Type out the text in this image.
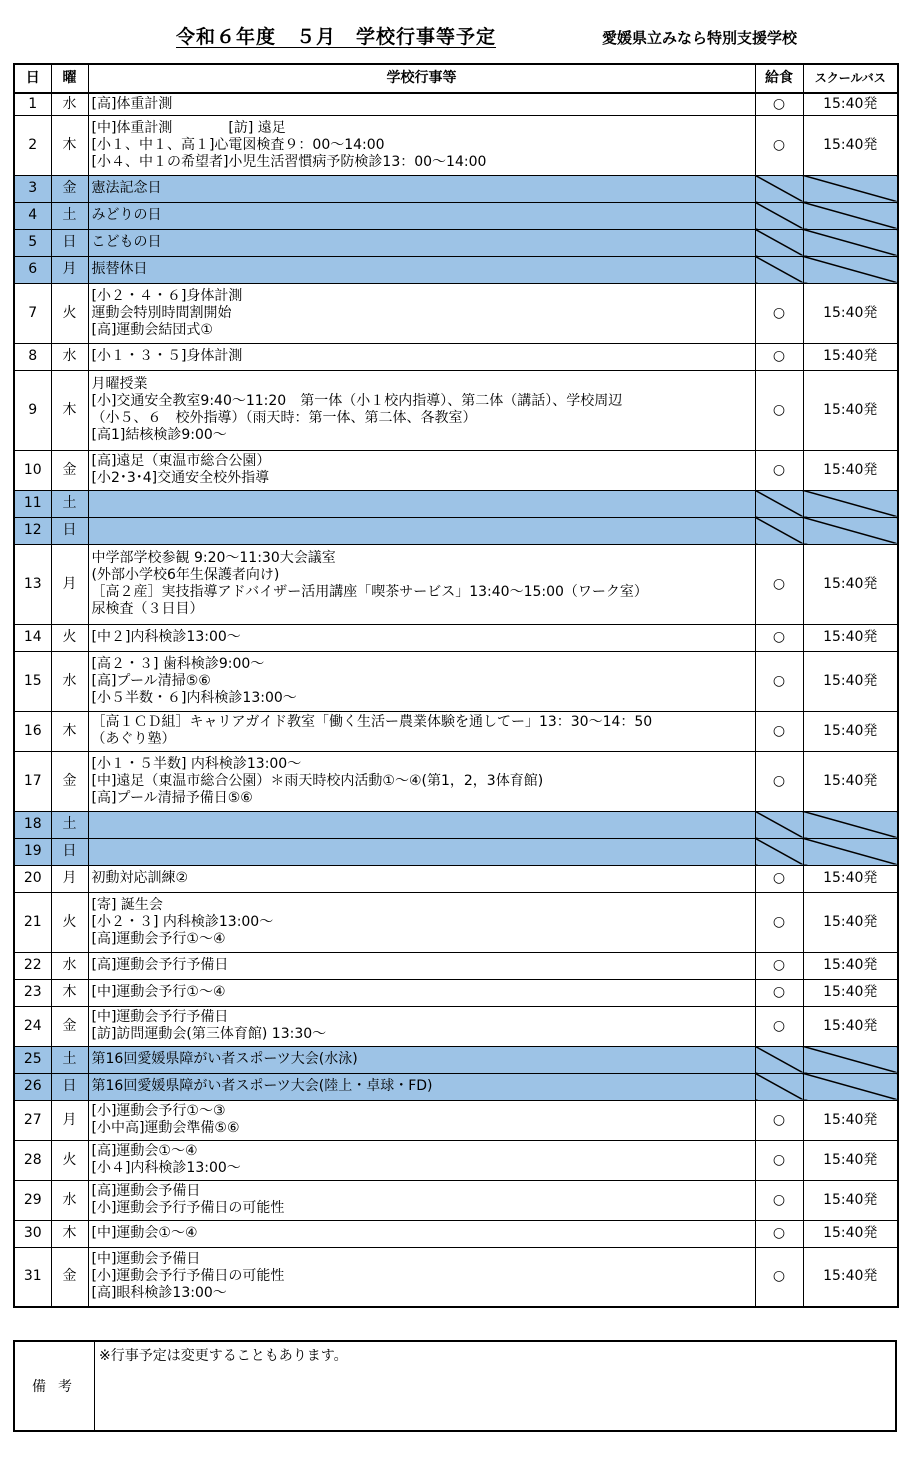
令和６年度　５月　学校行事等予定	愛媛県立みなら特別支援学校
日	曜	学校行事等	給食	スクールバス
1	水	[高]体重計測	○	15:40発
2	木	[中]体重計測　　　　[訪] 遠足
[小１、中１、高１]心電図検査９：00～14:00
[小４、中１の希望者]小児生活習慣病予防検診13：00～14:00	○	15:40発
3	金	憲法記念日		

4	土	みどりの日		

5	日	こどもの日		

6	月	振替休日		

7	火	[小２・４・６]身体計測
運動会特別時間割開始
[高]運動会結団式①	○	15:40発
8	水	[小１・３・５]身体計測	○	15:40発
9	木	月曜授業
[小]交通安全教室9:40～11:20　第一体（小１校内指導）、第二体（講話）、学校周辺
（小５、６　校外指導）（雨天時：第一体、第二体、各教室）
[高1]結核検診9:00～	○	15:40発
10	金	[高]遠足（東温市総合公園）
[小2･3･4]交通安全校外指導	○	15:40発
11	土	

12	日	

13	月	中学部学校参観 9:20～11:30大会議室
(外部小学校6年生保護者向け)
［高２産］実技指導アドバイザー活用講座「喫茶サービス」13:40～15:00（ワーク室）
尿検査（３日目）	○	15:40発
14	火	[中２]内科検診13:00～	○	15:40発
15	水	[高２・３] 歯科検診9:00～
[高]プール清掃⑤⑥
[小５半数・６]内科検診13:00～	○	15:40発
16	木	［高１ＣＤ組］キャリアガイド教室「働く生活ー農業体験を通してー」13：30～14：50
（あぐり塾）	○	15:40発
17	金	[小１・５半数] 内科検診13:00～
[中]遠足（東温市総合公園）＊雨天時校内活動①～④(第1，2，3体育館)
[高]プール清掃予備日⑤⑥	○	15:40発
18	土	

19	日	

20	月	初動対応訓練②	○	15:40発
21	火	[寄] 誕生会
[小２・３] 内科検診13:00～
[高]運動会予行①～④	○	15:40発
22	水	[高]運動会予行予備日	○	15:40発
23	木	[中]運動会予行①～④	○	15:40発
24	金	[中]運動会予行予備日
[訪]訪問運動会(第三体育館) 13:30～	○	15:40発
25	土	第16回愛媛県障がい者スポーツ大会(水泳)		

26	日	第16回愛媛県障がい者スポーツ大会(陸上・卓球・FD)		

27	月	[小]運動会予行①～③
[小中高]運動会準備⑤⑥	○	15:40発
28	火	[高]運動会①～④
[小４]内科検診13:00～	○	15:40発
29	水	[高]運動会予備日
[小]運動会予行予備日の可能性	○	15:40発
30	木	[中]運動会①～④	○	15:40発
31	金	[中]運動会予備日
[小]運動会予行予備日の可能性
[高]眼科検診13:00～	○	15:40発
備考	※行事予定は変更することもあります。
